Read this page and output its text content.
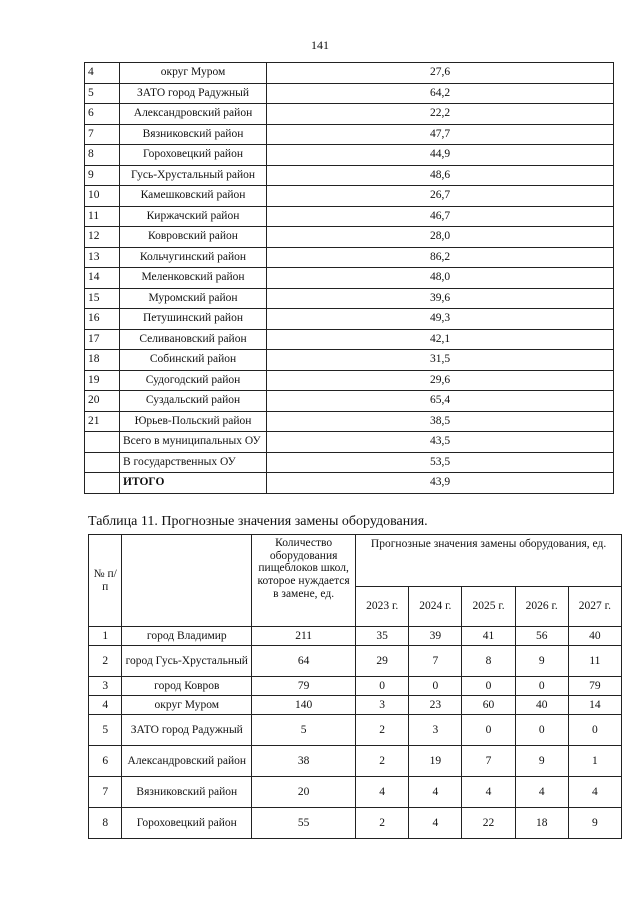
141
4	округ Муром	27,6
5	ЗАТО город Радужный	64,2
6	Александровский район	22,2
7	Вязниковский район	47,7
8	Гороховецкий район	44,9
9	Гусь-Хрустальный район	48,6
10	Камешковский район	26,7
11	Киржачский район	46,7
12	Ковровский район	28,0
13	Кольчугинский район	86,2
14	Меленковский район	48,0
15	Муромский район	39,6
16	Петушинский район	49,3
17	Селивановский район	42,1
18	Собинский район	31,5
19	Судогодский район	29,6
20	Суздальский район	65,4
21	Юрьев-Польский район	38,5
	Всего в муниципальных ОУ	43,5
	В государственных ОУ	53,5
	ИТОГО	43,9
Таблица 11. Прогнозные значения замены оборудования.
№ п/п		Количество оборудования пищеблоков школ, которое нуждается в замене, ед.	Прогнозные значения замены оборудования, ед.				
			2023 г.	2024 г.	2025 г.	2026 г.	2027 г.
1	город Владимир	211	35	39	41	56	40
2	город Гусь-Хрустальный	64	29	7	8	9	11
3	город Ковров	79	0	0	0	0	79
4	округ Муром	140	3	23	60	40	14
5	ЗАТО город Радужный	5	2	3	0	0	0
6	Александровский район	38	2	19	7	9	1
7	Вязниковский район	20	4	4	4	4	4
8	Гороховецкий район	55	2	4	22	18	9
